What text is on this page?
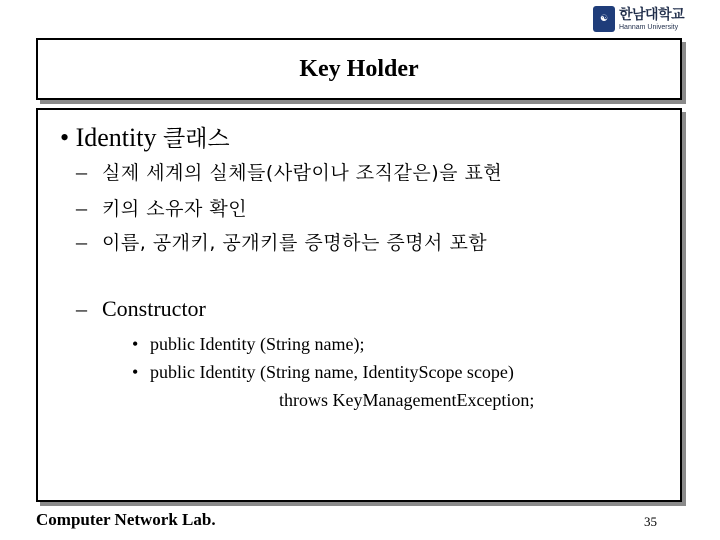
☯ 한남대학교
Hannam University
Key Holder
• Identity 클래스
– 실제 세계의 실체들(사람이나 조직같은)을 표현
– 키의 소유자 확인
– 이름, 공개키, 공개키를 증명하는 증명서 포함
– Constructor
• public Identity (String name);
• public Identity (String name, IdentityScope scope)
throws KeyManagementException;
Computer Network Lab.	35
